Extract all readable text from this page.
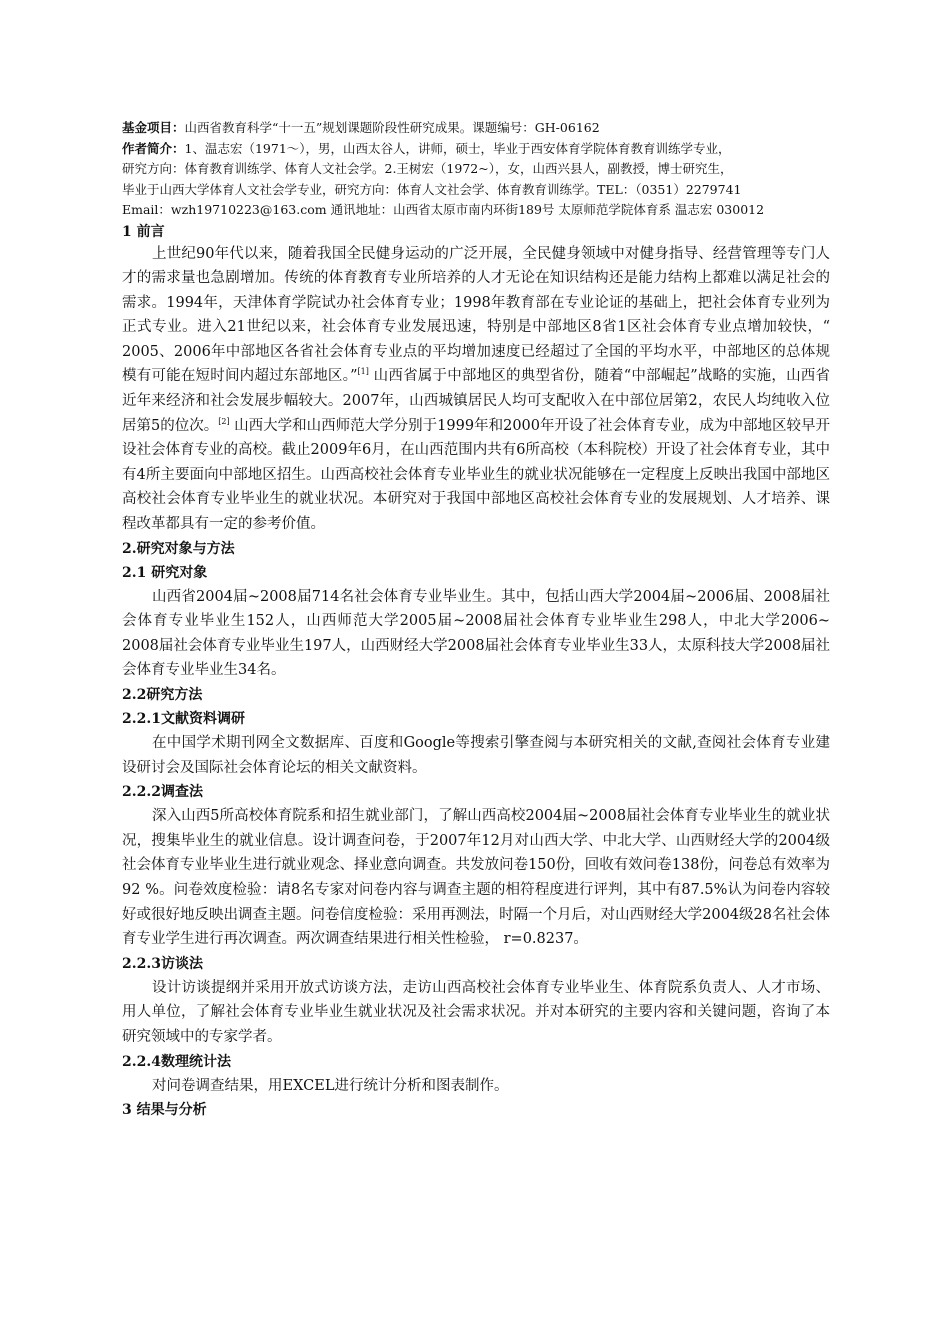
基金项目：山西省教育科学“十一五”规划课题阶段性研究成果。课题编号：GH-06162

作者简介：1、温志宏（1971～），男，山西太谷人，讲师，硕士，毕业于西安体育学院体育教育训练学专业，

研究方向：体育教育训练学、体育人文社会学。2.王树宏（1972~），女，山西兴县人，副教授，博士研究生，

毕业于山西大学体育人文社会学专业，研究方向：体育人文社会学、体育教育训练学。TEL：（0351）2279741

Email：wzh19710223@163.com 通讯地址：山西省太原市南内环街189号 太原师范学院体育系 温志宏 030012

1 前言

上世纪90年代以来，随着我国全民健身运动的广泛开展，全民健身领域中对健身指导、经营管理等专门人才的需求量也急剧增加。传统的体育教育专业所培养的人才无论在知识结构还是能力结构上都难以满足社会的需求。1994年，天津体育学院试办社会体育专业；1998年教育部在专业论证的基础上，把社会体育专业列为正式专业。进入21世纪以来，社会体育专业发展迅速，特别是中部地区8省1区社会体育专业点增加较快，“ 2005、2006年中部地区各省社会体育专业点的平均增加速度已经超过了全国的平均水平，中部地区的总体规模有可能在短时间内超过东部地区。”[1] 山西省属于中部地区的典型省份，随着“中部崛起”战略的实施，山西省近年来经济和社会发展步幅较大。2007年，山西城镇居民人均可支配收入在中部位居第2，农民人均纯收入位居第5的位次。[2] 山西大学和山西师范大学分别于1999年和2000年开设了社会体育专业，成为中部地区较早开设社会体育专业的高校。截止2009年6月，在山西范围内共有6所高校（本科院校）开设了社会体育专业，其中有4所主要面向中部地区招生。山西高校社会体育专业毕业生的就业状况能够在一定程度上反映出我国中部地区高校社会体育专业毕业生的就业状况。本研究对于我国中部地区高校社会体育专业的发展规划、人才培养、课程改革都具有一定的参考价值。

2.研究对象与方法

2.1 研究对象

山西省2004届~2008届714名社会体育专业毕业生。其中，包括山西大学2004届~2006届、2008届社会体育专业毕业生152人，山西师范大学2005届~2008届社会体育专业毕业生298人，中北大学2006~ 2008届社会体育专业毕业生197人，山西财经大学2008届社会体育专业毕业生33人，太原科技大学2008届社会体育专业毕业生34名。

2.2研究方法

2.2.1文献资料调研

在中国学术期刊网全文数据库、百度和Google等搜索引擎查阅与本研究相关的文献,查阅社会体育专业建设研讨会及国际社会体育论坛的相关文献资料。

2.2.2调查法

深入山西5所高校体育院系和招生就业部门，了解山西高校2004届~2008届社会体育专业毕业生的就业状况，搜集毕业生的就业信息。设计调查问卷，于2007年12月对山西大学、中北大学、山西财经大学的2004级社会体育专业毕业生进行就业观念、择业意向调查。共发放问卷150份，回收有效问卷138份，问卷总有效率为 92 %。问卷效度检验：请8名专家对问卷内容与调查主题的相符程度进行评判，其中有87.5%认为问卷内容较好或很好地反映出调查主题。问卷信度检验：采用再测法，时隔一个月后，对山西财经大学2004级28名社会体育专业学生进行再次调查。两次调查结果进行相关性检验， r=0.8237。

2.2.3访谈法

设计访谈提纲并采用开放式访谈方法，走访山西高校社会体育专业毕业生、体育院系负责人、人才市场、用人单位，了解社会体育专业毕业生就业状况及社会需求状况。并对本研究的主要内容和关键问题，咨询了本研究领域中的专家学者。

2.2.4数理统计法

对问卷调查结果，用EXCEL进行统计分析和图表制作。

3 结果与分析
